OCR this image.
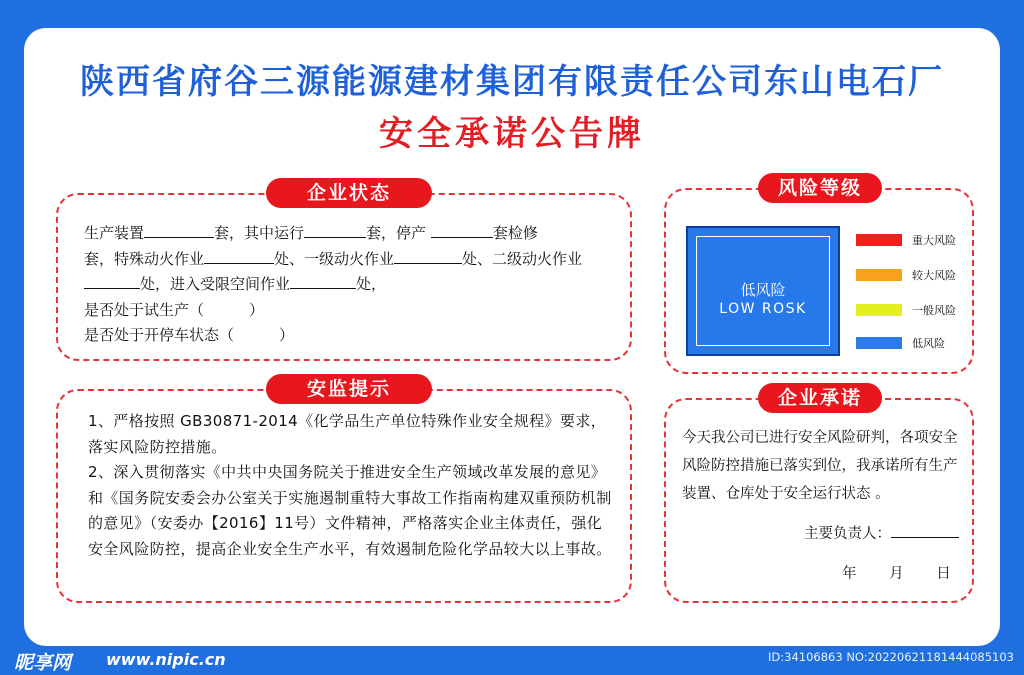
陕西省府谷三源能源建材集团有限责任公司东山电石厂
安全承诺公告牌
企业状态
生产装置	套，其中运行	套，停产	套检修
套，特殊动火作业	处、一级动火作业	处、二级动火作业
处，进入受限空间作业	处，
是否处于试生产（　　　）
是否处于开停车状态（　　　）
安监提示

1、严格按照 GB30871-2014《化学品生产单位特殊作业安全规程》要求，落实风险防控措施。

2、深入贯彻落实《中共中央国务院关于推进安全生产领域改革发展的意见》和《国务院安委会办公室关于实施遏制重特大事故工作指南构建双重预防机制的意见》（安委办【2016】11号）文件精神，严格落实企业主体责任，强化安全风险防控，提高企业安全生产水平，有效遏制危险化学品较大以上事故。

风险等级
低风险
LOW ROSK
重大风险
较大风险
一般风险
低风险
企业承诺

今天我公司已进行安全风险研判，各项安全风险防控措施已落实到位，我承诺所有生产装置、仓库处于安全运行状态 。

主要负责人：
年 月 日
昵享网 www.nipic.cn	ID:34106863 NO:20220621181444085103
